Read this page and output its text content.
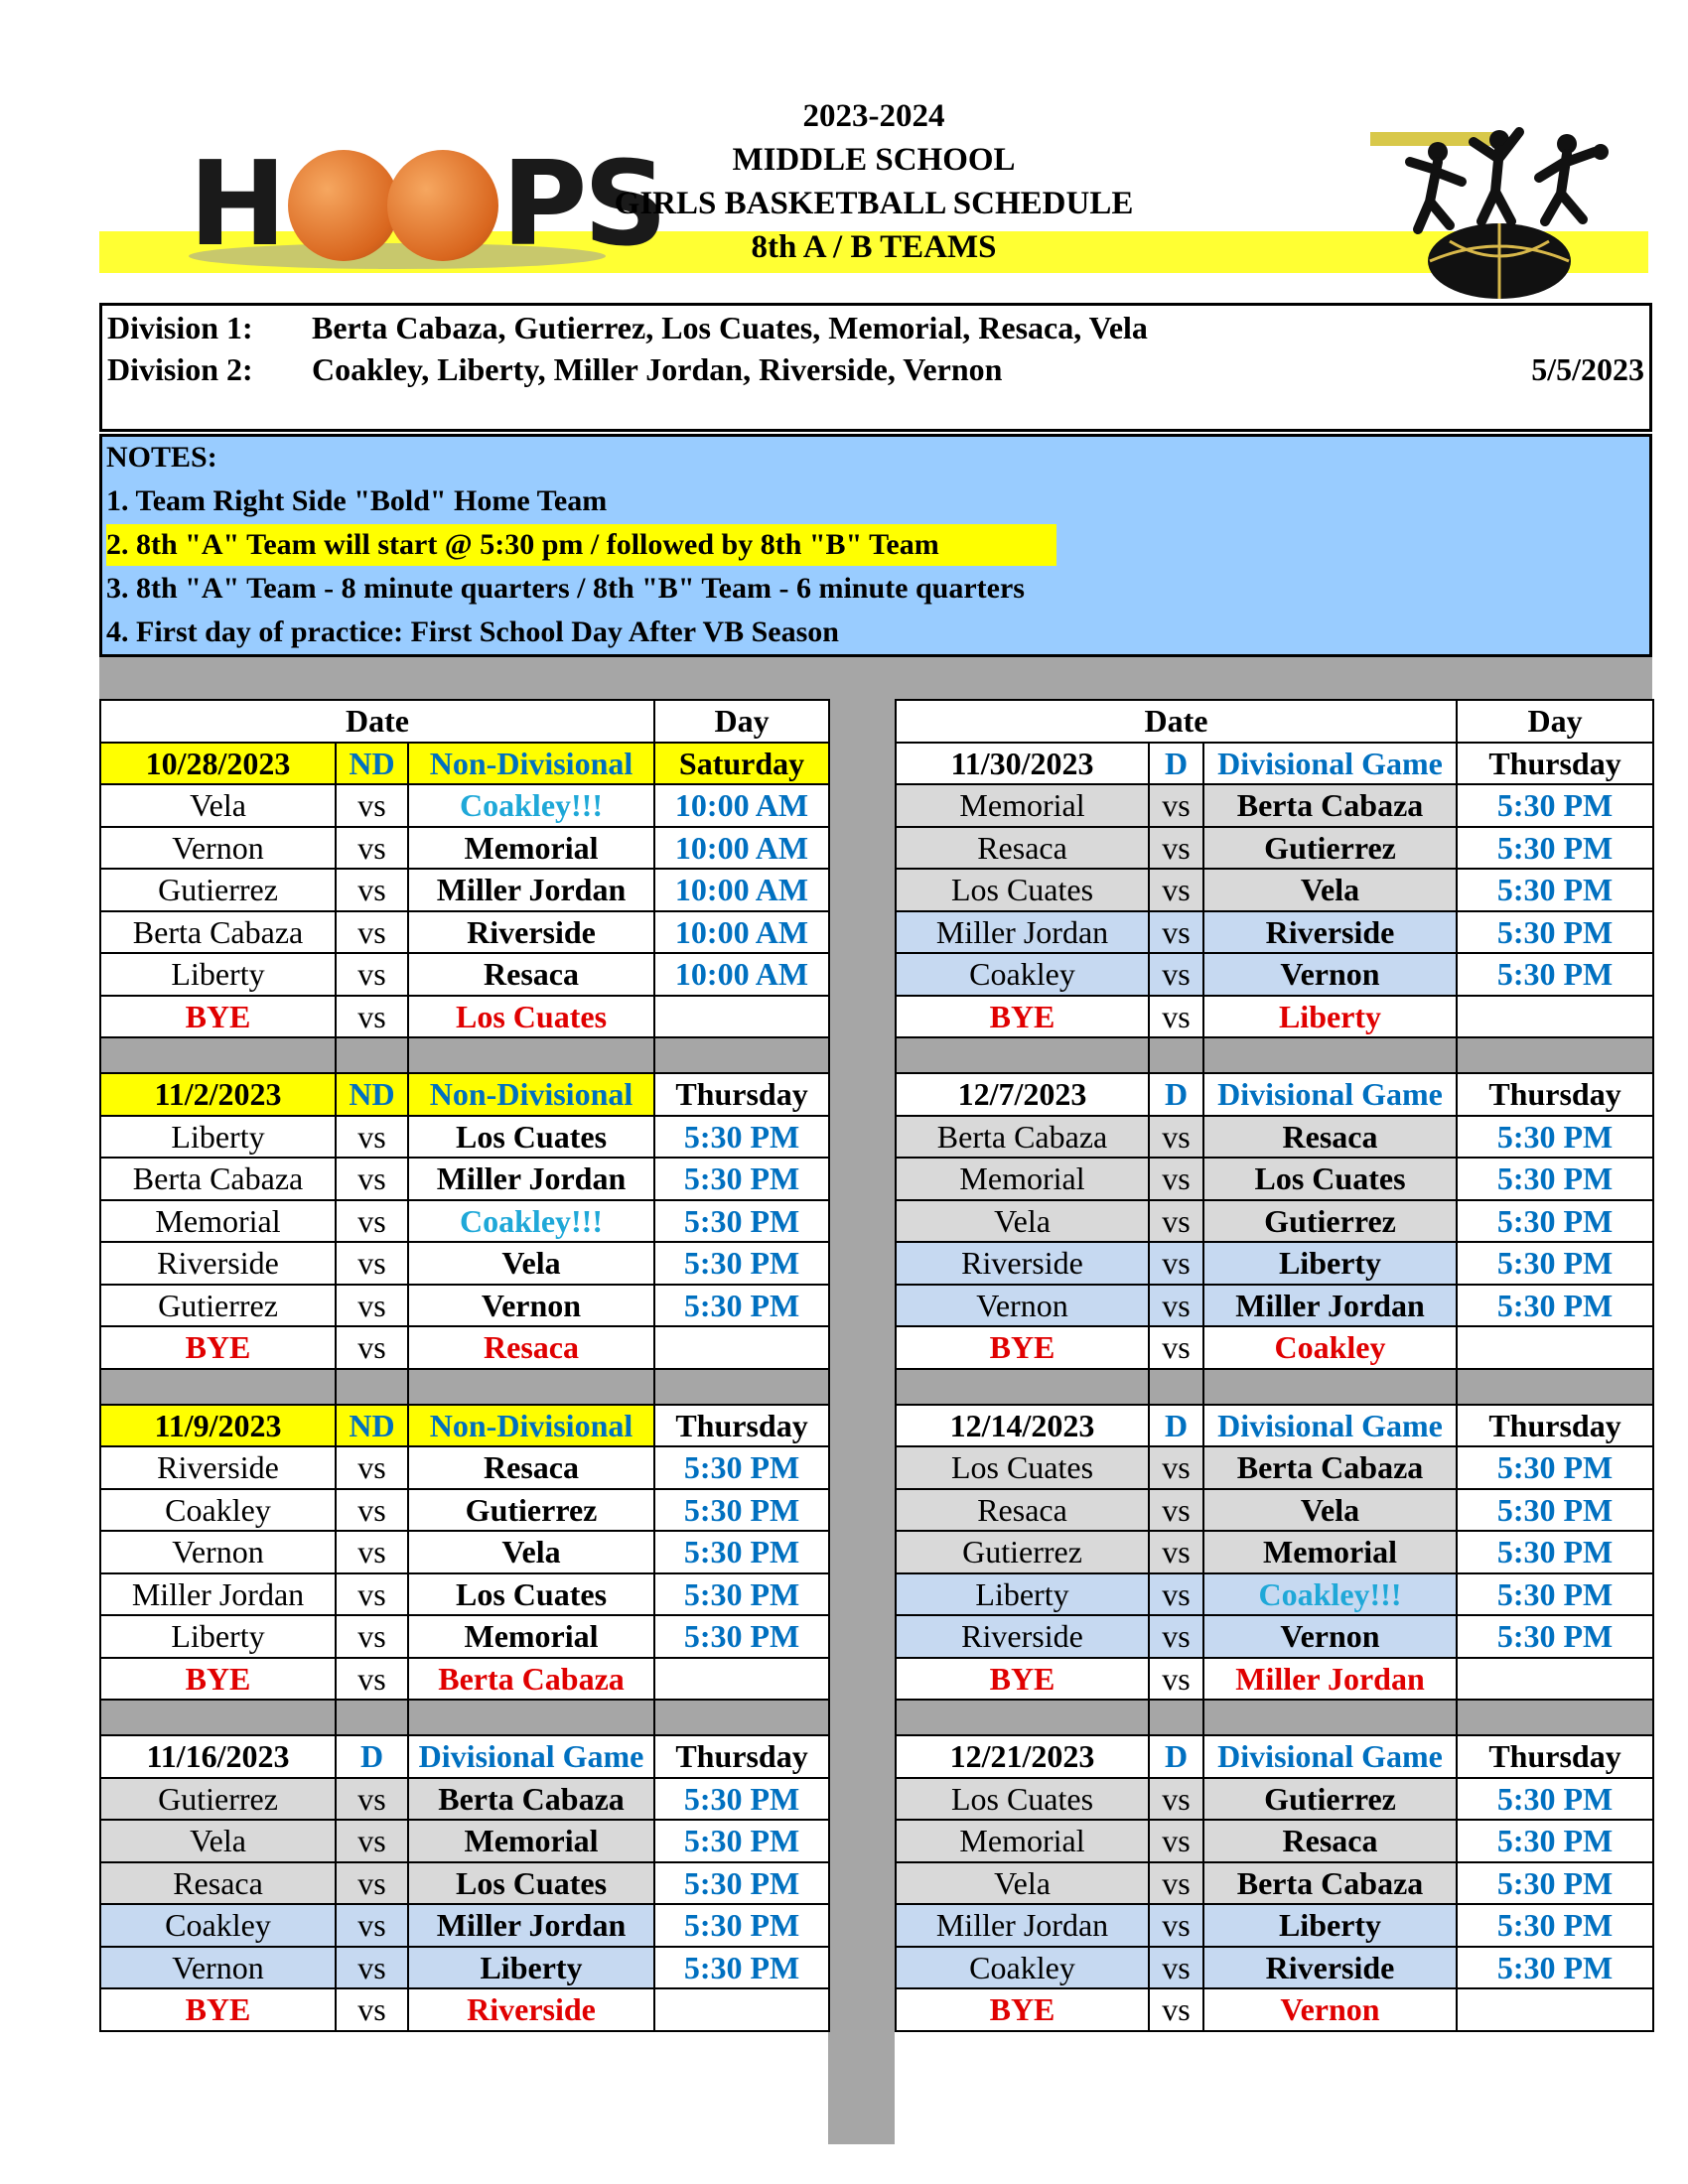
H PS
2023-2024
MIDDLE SCHOOL
GIRLS BASKETBALL SCHEDULE
8th A / B TEAMS
Division 1: Berta Cabaza, Gutierrez, Los Cuates, Memorial, Resaca, Vela
Division 2: Coakley, Liberty, Miller Jordan, Riverside, Vernon	5/5/2023
NOTES:
1. Team Right Side "Bold" Home Team
2. 8th "A" Team will start @ 5:30 pm / followed by 8th "B" Team
3. 8th "A" Team - 8 minute quarters / 8th "B" Team - 6 minute quarters
4. First day of practice: First School Day After VB Season
Date			Day
10/28/2023	ND	Non-Divisional	Saturday
Vela	vs	Coakley!!!	10:00 AM
Vernon	vs	Memorial	10:00 AM
Gutierrez	vs	Miller Jordan	10:00 AM
Berta Cabaza	vs	Riverside	10:00 AM
Liberty	vs	Resaca	10:00 AM
BYE	vs	Los Cuates	

11/2/2023	ND	Non-Divisional	Thursday
Liberty	vs	Los Cuates	5:30 PM
Berta Cabaza	vs	Miller Jordan	5:30 PM
Memorial	vs	Coakley!!!	5:30 PM
Riverside	vs	Vela	5:30 PM
Gutierrez	vs	Vernon	5:30 PM
BYE	vs	Resaca	

11/9/2023	ND	Non-Divisional	Thursday
Riverside	vs	Resaca	5:30 PM
Coakley	vs	Gutierrez	5:30 PM
Vernon	vs	Vela	5:30 PM
Miller Jordan	vs	Los Cuates	5:30 PM
Liberty	vs	Memorial	5:30 PM
BYE	vs	Berta Cabaza	

11/16/2023	D	Divisional Game	Thursday
Gutierrez	vs	Berta Cabaza	5:30 PM
Vela	vs	Memorial	5:30 PM
Resaca	vs	Los Cuates	5:30 PM
Coakley	vs	Miller Jordan	5:30 PM
Vernon	vs	Liberty	5:30 PM
BYE	vs	Riverside	
Date			Day
11/30/2023	D	Divisional Game	Thursday
Memorial	vs	Berta Cabaza	5:30 PM
Resaca	vs	Gutierrez	5:30 PM
Los Cuates	vs	Vela	5:30 PM
Miller Jordan	vs	Riverside	5:30 PM
Coakley	vs	Vernon	5:30 PM
BYE	vs	Liberty	

12/7/2023	D	Divisional Game	Thursday
Berta Cabaza	vs	Resaca	5:30 PM
Memorial	vs	Los Cuates	5:30 PM
Vela	vs	Gutierrez	5:30 PM
Riverside	vs	Liberty	5:30 PM
Vernon	vs	Miller Jordan	5:30 PM
BYE	vs	Coakley	

12/14/2023	D	Divisional Game	Thursday
Los Cuates	vs	Berta Cabaza	5:30 PM
Resaca	vs	Vela	5:30 PM
Gutierrez	vs	Memorial	5:30 PM
Liberty	vs	Coakley!!!	5:30 PM
Riverside	vs	Vernon	5:30 PM
BYE	vs	Miller Jordan	

12/21/2023	D	Divisional Game	Thursday
Los Cuates	vs	Gutierrez	5:30 PM
Memorial	vs	Resaca	5:30 PM
Vela	vs	Berta Cabaza	5:30 PM
Miller Jordan	vs	Liberty	5:30 PM
Coakley	vs	Riverside	5:30 PM
BYE	vs	Vernon	
